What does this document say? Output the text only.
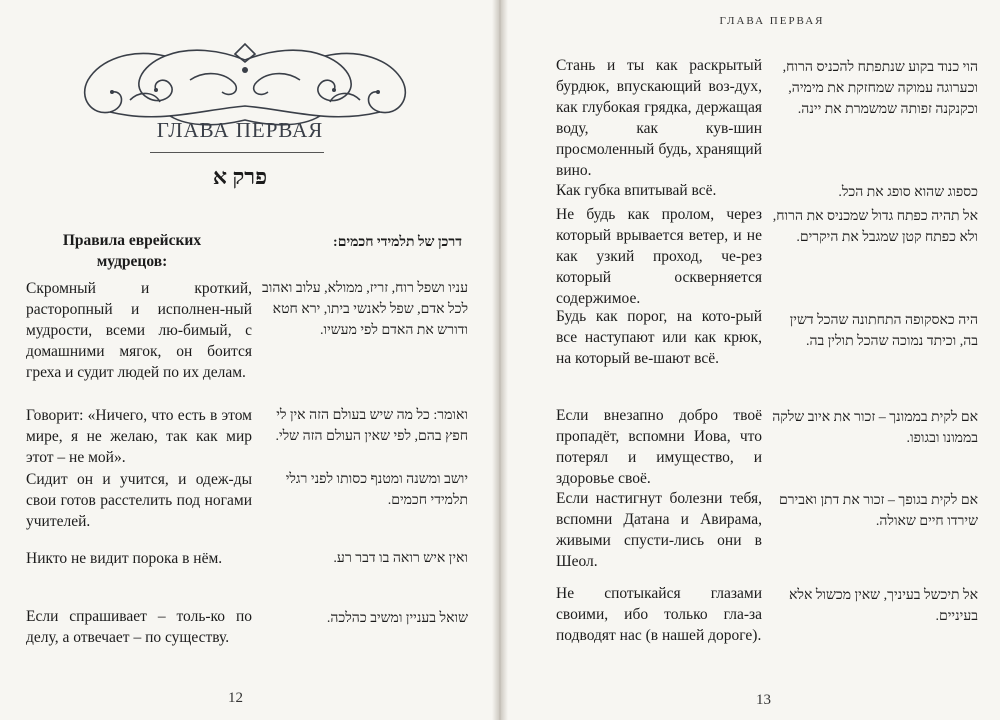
ГЛАВА ПЕРВАЯ
פרק א
Правила еврейских мудрецов:
דרכן של תלמידי חכמים:
Скромный и кроткий, расторопный и исполнен-ный мудрости, всеми лю-бимый, с домашними мягок, он боится греха и судит людей по их делам.
עניו ושפל רוח, זריז, ממולא, עלוב ואהוב לכל אדם, שפל לאנשי ביתו, ירא חטא ודורש את האדם לפי מעשיו.
Говорит: «Ничего, что есть в этом мире, я не желаю, так как мир этот – не мой».
ואומר: כל מה שיש בעולם הזה אין לי חפץ בהם, לפי שאין העולם הזה שלי.
Сидит он и учится, и одеж-ды свои готов расстелить под ногами учителей.
יושב ומשנה ומטנף כסותו לפני רגלי תלמידי חכמים.
Никто не видит порока в нём.	ואין איש רואה בו דבר רע.
Если спрашивает – толь-ко по делу, а отвечает – по существу.
שואל בעניין ומשיב כהלכה.
12
ГЛАВА ПЕРВАЯ
Стань и ты как раскрытый бурдюк, впускающий воз-дух, как глубокая грядка, держащая воду, как кув-шин просмоленный будь, хранящий вино.
הוי כנוד בקוע שנתפתח להכניס הרוח, וכערוגה עמוקה שמחזקת את מימיה, וכקנקנה זפותה שמשמרת את יינה.
Как губка впитывай всё.	כספוג שהוא סופג את הכל.
Не будь как пролом, через который врывается ветер, и не как узкий проход, че-рез который оскверняется содержимое.
אל תהיה כפתח גדול שמכניס את הרוח, ולא כפתח קטן שמגבל את היקרים.
Будь как порог, на кото-рый все наступают или как крюк, на который ве-шают всё.
היה כאסקופה התחתונה שהכל דשין בה, וכיתד נמוכה שהכל תולין בה.
Если внезапно добро твоё пропадёт, вспомни Иова, что потерял и имущество, и здоровье своё.
אם לקית בממונך – זכור את איוב שלקה בממונו ובגופו.
Если настигнут болезни тебя, вспомни Датана и Авирама, живыми спусти-лись они в Шеол.
אם לקית בגופך – זכור את דתן ואבירם שירדו חיים שאולה.
Не спотыкайся глазами своими, ибо только гла-за подводят нас (в нашей дороге).
אל תיכשל בעיניך, שאין מכשול אלא בעיניים.
13
